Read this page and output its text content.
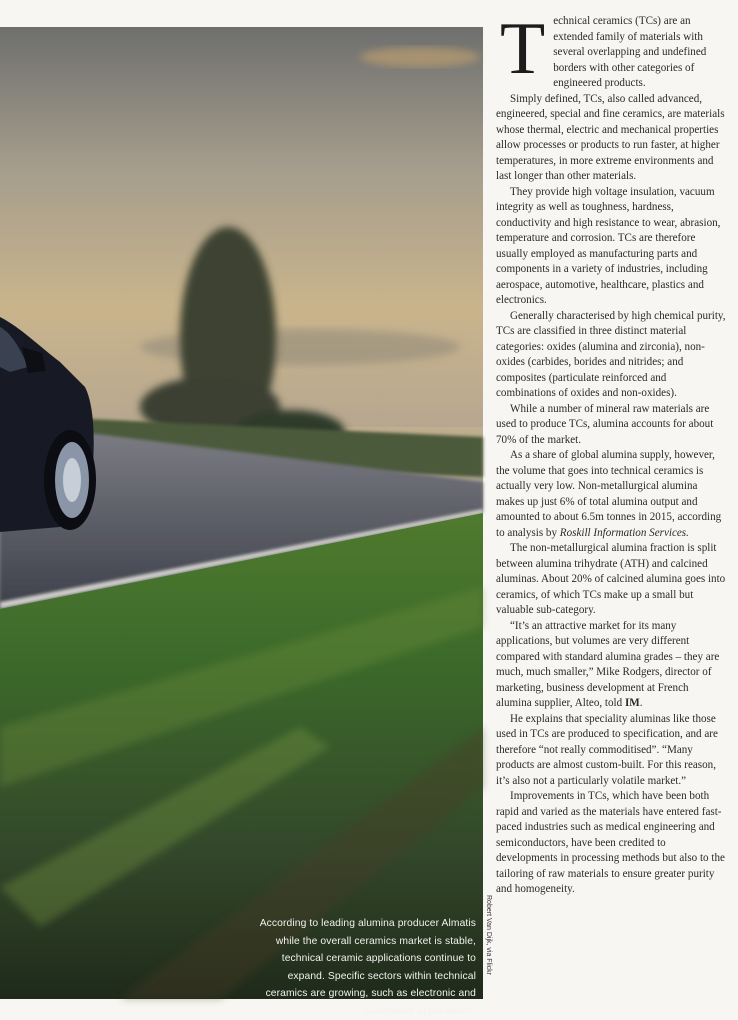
According to leading alumina producer Almatis while the overall ceramics market is stable, technical ceramic applications continue to expand. Specific sectors within technical ceramics are growing, such as electronic and automotive applications.
Robert Van Dijk, via Flickr

Technical ceramics (TCs) are an extended family of materials with several overlapping and undefined borders with other categories of engineered products.

Simply defined, TCs, also called advanced, engineered, special and fine ceramics, are materials whose thermal, electric and mechanical properties allow processes or products to run faster, at higher temperatures, in more extreme environments and last longer than other materials.

They provide high voltage insulation, vacuum integrity as well as toughness, hardness, conductivity and high resistance to wear, abrasion, temperature and corrosion. TCs are therefore usually employed as manufacturing parts and components in a variety of industries, including aerospace, automotive, healthcare, plastics and electronics.

Generally characterised by high chemical purity, TCs are classified in three distinct material categories: oxides (alumina and zirconia), non-oxides (carbides, borides and nitrides; and composites (particulate reinforced and combinations of oxides and non-oxides).

While a number of mineral raw materials are used to produce TCs, alumina accounts for about 70% of the market.

As a share of global alumina supply, however, the volume that goes into technical ceramics is actually very low. Non-metallurgical alumina makes up just 6% of total alumina output and amounted to about 6.5m tonnes in 2015, according to analysis by Roskill Information Services.

The non-metallurgical alumina fraction is split between alumina trihydrate (ATH) and calcined aluminas. About 20% of calcined alumina goes into ceramics, of which TCs make up a small but valuable sub-category.

“It’s an attractive market for its many applications, but volumes are very different compared with standard alumina grades – they are much, much smaller,” Mike Rodgers, director of marketing, business development at French alumina supplier, Alteo, told IM.

He explains that speciality aluminas like those used in TCs are produced to specification, and are therefore “not really commoditised”. “Many products are almost custom-built. For this reason, it’s also not a particularly volatile market.”

Improvements in TCs, which have been both rapid and varied as the materials have entered fast-paced industries such as medical engineering and semiconductors, have been credited to developments in processing methods but also to the tailoring of raw materials to ensure greater purity and homogeneity.
